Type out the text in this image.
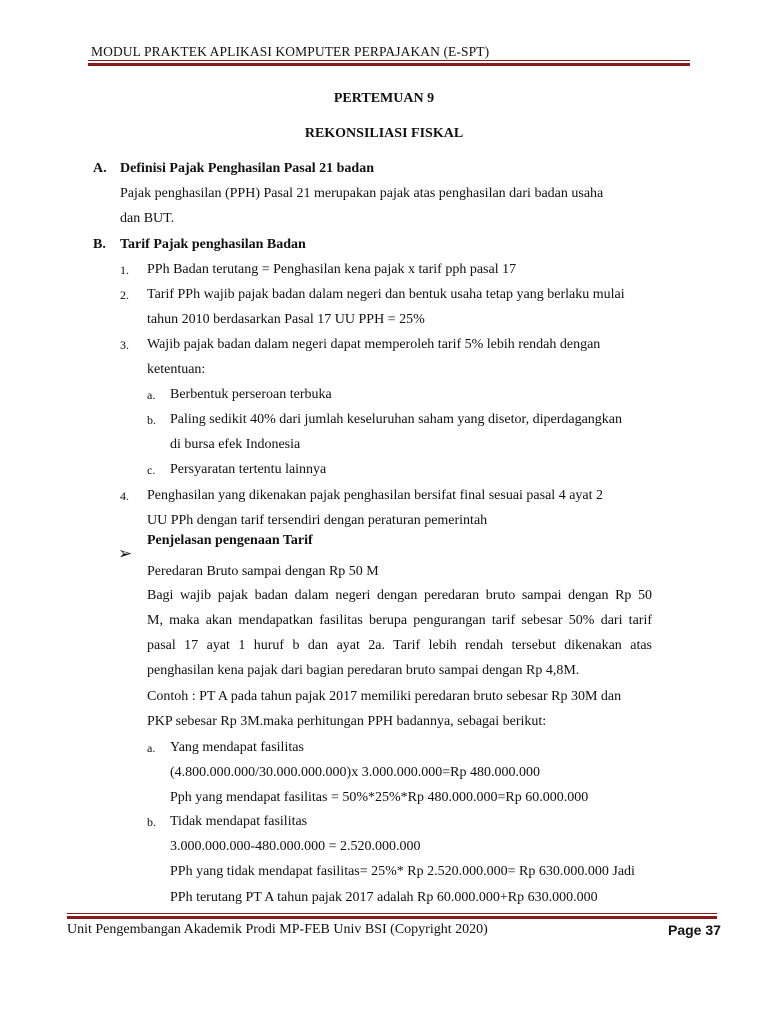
MODUL PRAKTEK APLIKASI KOMPUTER PERPAJAKAN (E-SPT)
PERTEMUAN 9
REKONSILIASI FISKAL
A. Definisi Pajak Penghasilan Pasal 21 badan
Pajak penghasilan (PPH) Pasal 21 merupakan pajak atas penghasilan dari badan usaha
dan BUT.
B. Tarif Pajak penghasilan Badan
1. PPh Badan terutang = Penghasilan kena pajak x tarif pph pasal 17
2. Tarif PPh wajib pajak badan dalam negeri dan bentuk usaha tetap yang berlaku mulai
tahun 2010 berdasarkan Pasal 17 UU PPH = 25%
3. Wajib pajak badan dalam negeri dapat memperoleh tarif 5% lebih rendah dengan
ketentuan:
a. Berbentuk perseroan terbuka
b. Paling sedikit 40% dari jumlah keseluruhan saham yang disetor, diperdagangkan
di bursa efek Indonesia
c. Persyaratan tertentu lainnya
4. Penghasilan yang dikenakan pajak penghasilan bersifat final sesuai pasal 4 ayat 2
UU PPh dengan tarif tersendiri dengan peraturan pemerintah
➢
Penjelasan pengenaan Tarif
Peredaran Bruto sampai dengan Rp 50 M
Bagi wajib pajak badan dalam negeri dengan peredaran bruto sampai dengan Rp 50
M, maka akan mendapatkan fasilitas berupa pengurangan tarif sebesar 50% dari tarif
pasal 17 ayat 1 huruf b dan ayat 2a. Tarif lebih rendah tersebut dikenakan atas
penghasilan kena pajak dari bagian peredaran bruto sampai dengan Rp 4,8M.
Contoh : PT A pada tahun pajak 2017 memiliki peredaran bruto sebesar Rp 30M dan
PKP sebesar Rp 3M.maka perhitungan PPH badannya, sebagai berikut:
a. Yang mendapat fasilitas
(4.800.000.000/30.000.000.000)x 3.000.000.000=Rp 480.000.000
Pph yang mendapat fasilitas = 50%*25%*Rp 480.000.000=Rp 60.000.000
b. Tidak mendapat fasilitas
3.000.000.000-480.000.000 = 2.520.000.000
PPh yang tidak mendapat fasilitas= 25%* Rp 2.520.000.000= Rp 630.000.000 Jadi
PPh terutang PT A tahun pajak 2017 adalah Rp 60.000.000+Rp 630.000.000
Unit Pengembangan Akademik Prodi MP-FEB Univ BSI (Copyright 2020)	Page 37
